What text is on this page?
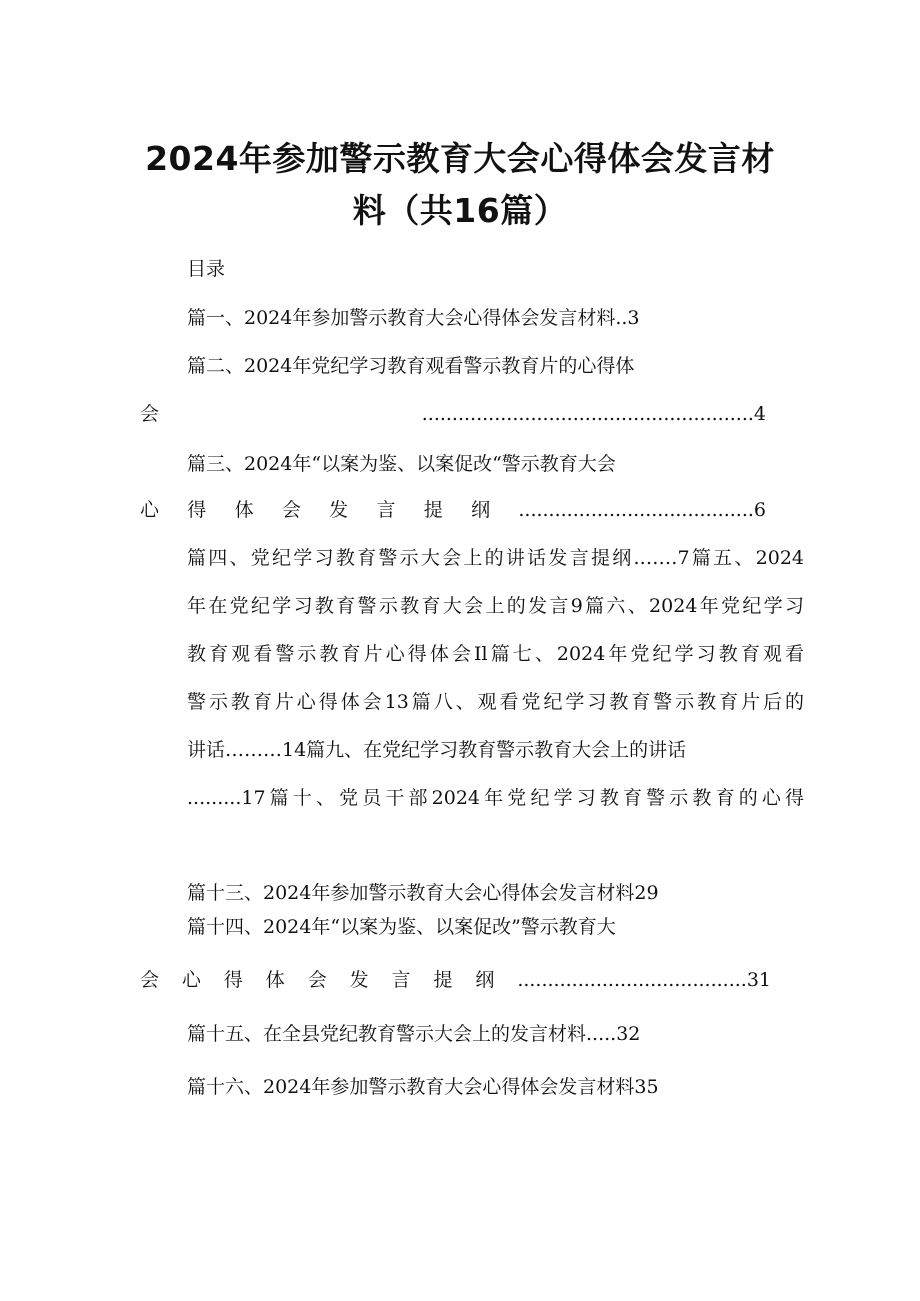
2024年参加警示教育大会心得体会发言材
料（共16篇）
目录
篇一、2024年参加警示教育大会心得体会发言材料..3
篇二、2024年党纪学习教育观看警示教育片的心得体
会.......................................................4
篇三、2024年“以案为鉴、以案促改“警示教育大会
心得体会发言提纲.......................................6
篇四、党纪学习教育警示大会上的讲话发言提纲.……7篇五、2024
年在党纪学习教育警示教育大会上的发言9篇六、2024年党纪学习
教育观看警示教育片心得体会Il篇七、2024年党纪学习教育观看
警示教育片心得体会13篇八、观看党纪学习教育警示教育片后的
讲话………14篇九、在党纪学习教育警示教育大会上的讲话
.........17篇十、党员干部2024年党纪学习教育警示教育的心得
篇十三、2024年参加警示教育大会心得体会发言材料29
篇十四、2024年“以案为鉴、以案促改”警示教育大
会心得体会发言提纲......................................31
篇十五、在全县党纪教育警示大会上的发言材料.....32
篇十六、2024年参加警示教育大会心得体会发言材料35
